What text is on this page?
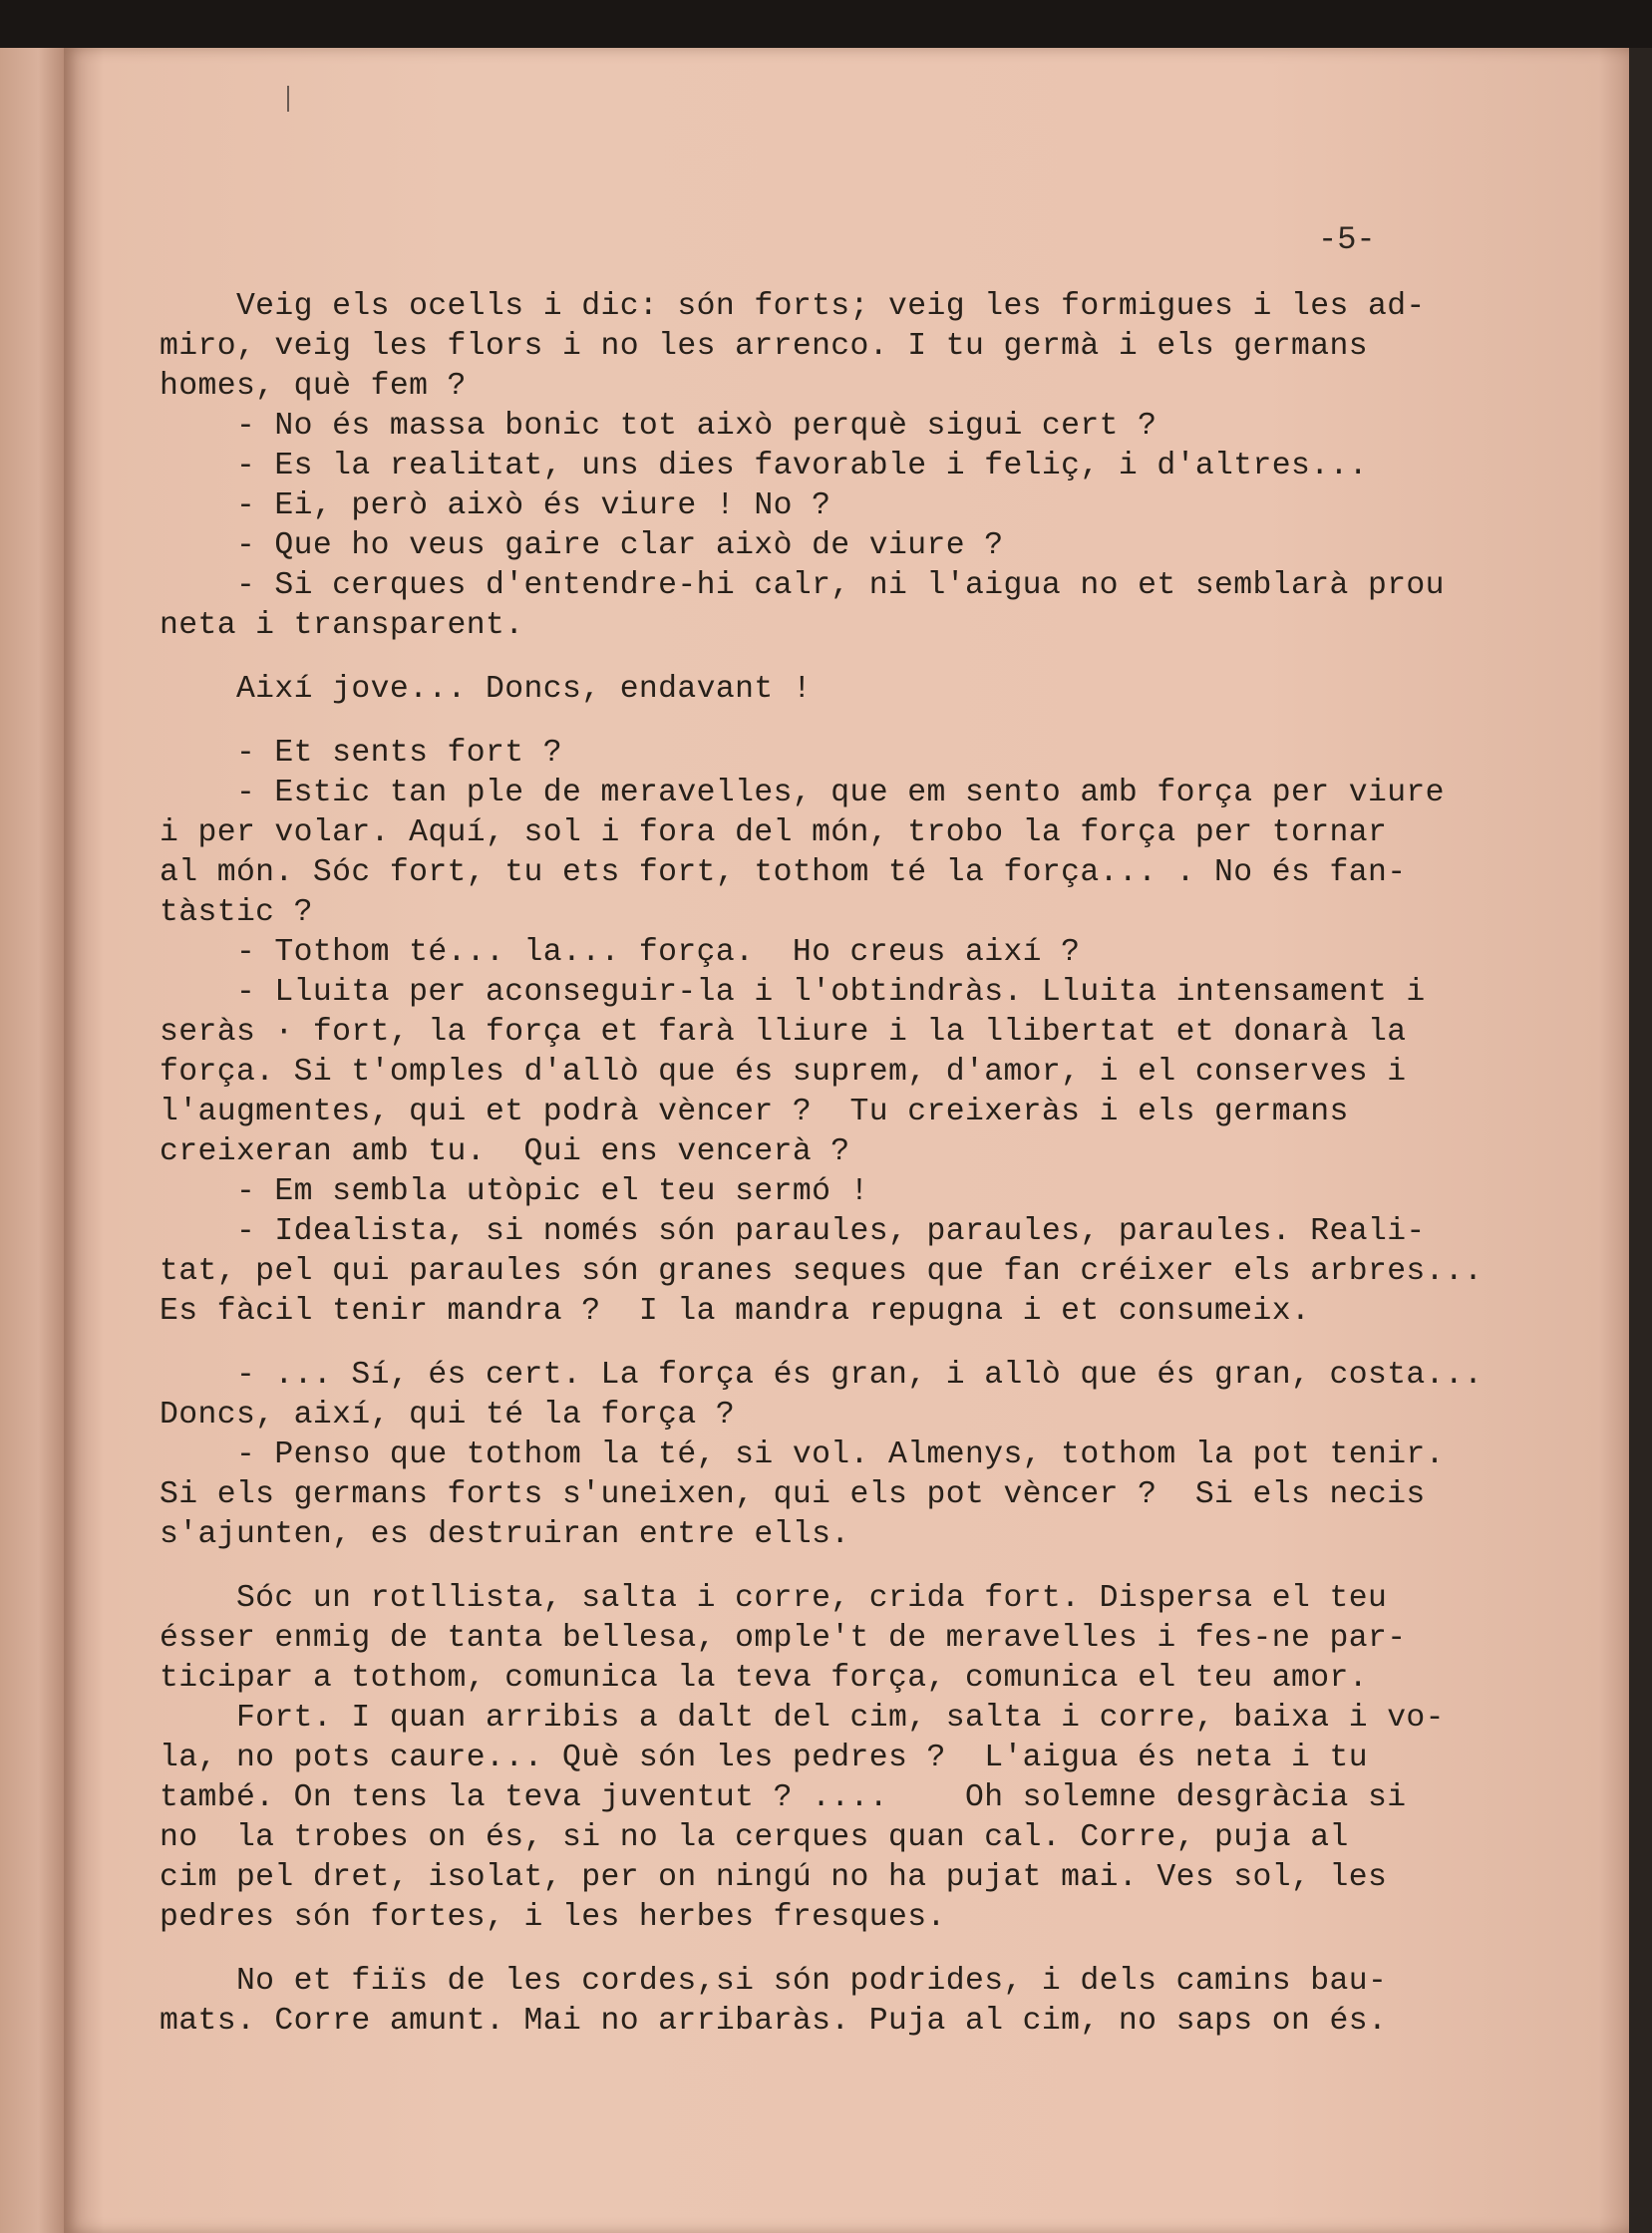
-5-
Veig els ocells i dic: són forts; veig les formigues i les ad-
miro, veig les flors i no les arrenco. I tu germà i els germans
homes, què fem ?
- No és massa bonic tot això perquè sigui cert ?
- Es la realitat, uns dies favorable i feliç, i d'altres...
- Ei, però això és viure ! No ?
- Que ho veus gaire clar això de viure ?
- Si cerques d'entendre-hi calr, ni l'aigua no et semblarà prou
neta i transparent.
Així jove... Doncs, endavant !
- Et sents fort ?
- Estic tan ple de meravelles, que em sento amb força per viure
i per volar. Aquí, sol i fora del món, trobo la força per tornar
al món. Sóc fort, tu ets fort, tothom té la força... . No és fan-
tàstic ?
- Tothom té... la... força.  Ho creus així ?
- Lluita per aconseguir-la i l'obtindràs. Lluita intensament i
seràs · fort, la força et farà lliure i la llibertat et donarà la
força. Si t'omples d'allò que és suprem, d'amor, i el conserves i
l'augmentes, qui et podrà vèncer ?  Tu creixeràs i els germans
creixeran amb tu.  Qui ens vencerà ?
- Em sembla utòpic el teu sermó !
- Idealista, si només són paraules, paraules, paraules. Reali-
tat, pel qui paraules són granes seques que fan créixer els arbres...
Es fàcil tenir mandra ?  I la mandra repugna i et consumeix.
- ... Sí, és cert. La força és gran, i allò que és gran, costa...
Doncs, així, qui té la força ?
- Penso que tothom la té, si vol. Almenys, tothom la pot tenir.
Si els germans forts s'uneixen, qui els pot vèncer ?  Si els necis
s'ajunten, es destruiran entre ells.
Sóc un rotllista, salta i corre, crida fort. Dispersa el teu
ésser enmig de tanta bellesa, omple't de meravelles i fes-ne par-
ticipar a tothom, comunica la teva força, comunica el teu amor.
Fort. I quan arribis a dalt del cim, salta i corre, baixa i vo-
la, no pots caure... Què són les pedres ?  L'aigua és neta i tu
també. On tens la teva juventut ? ....    Oh solemne desgràcia si
no  la trobes on és, si no la cerques quan cal. Corre, puja al
cim pel dret, isolat, per on ningú no ha pujat mai. Ves sol, les
pedres són fortes, i les herbes fresques.
No et fiïs de les cordes,si són podrides, i dels camins bau-
mats. Corre amunt. Mai no arribaràs. Puja al cim, no saps on és.
